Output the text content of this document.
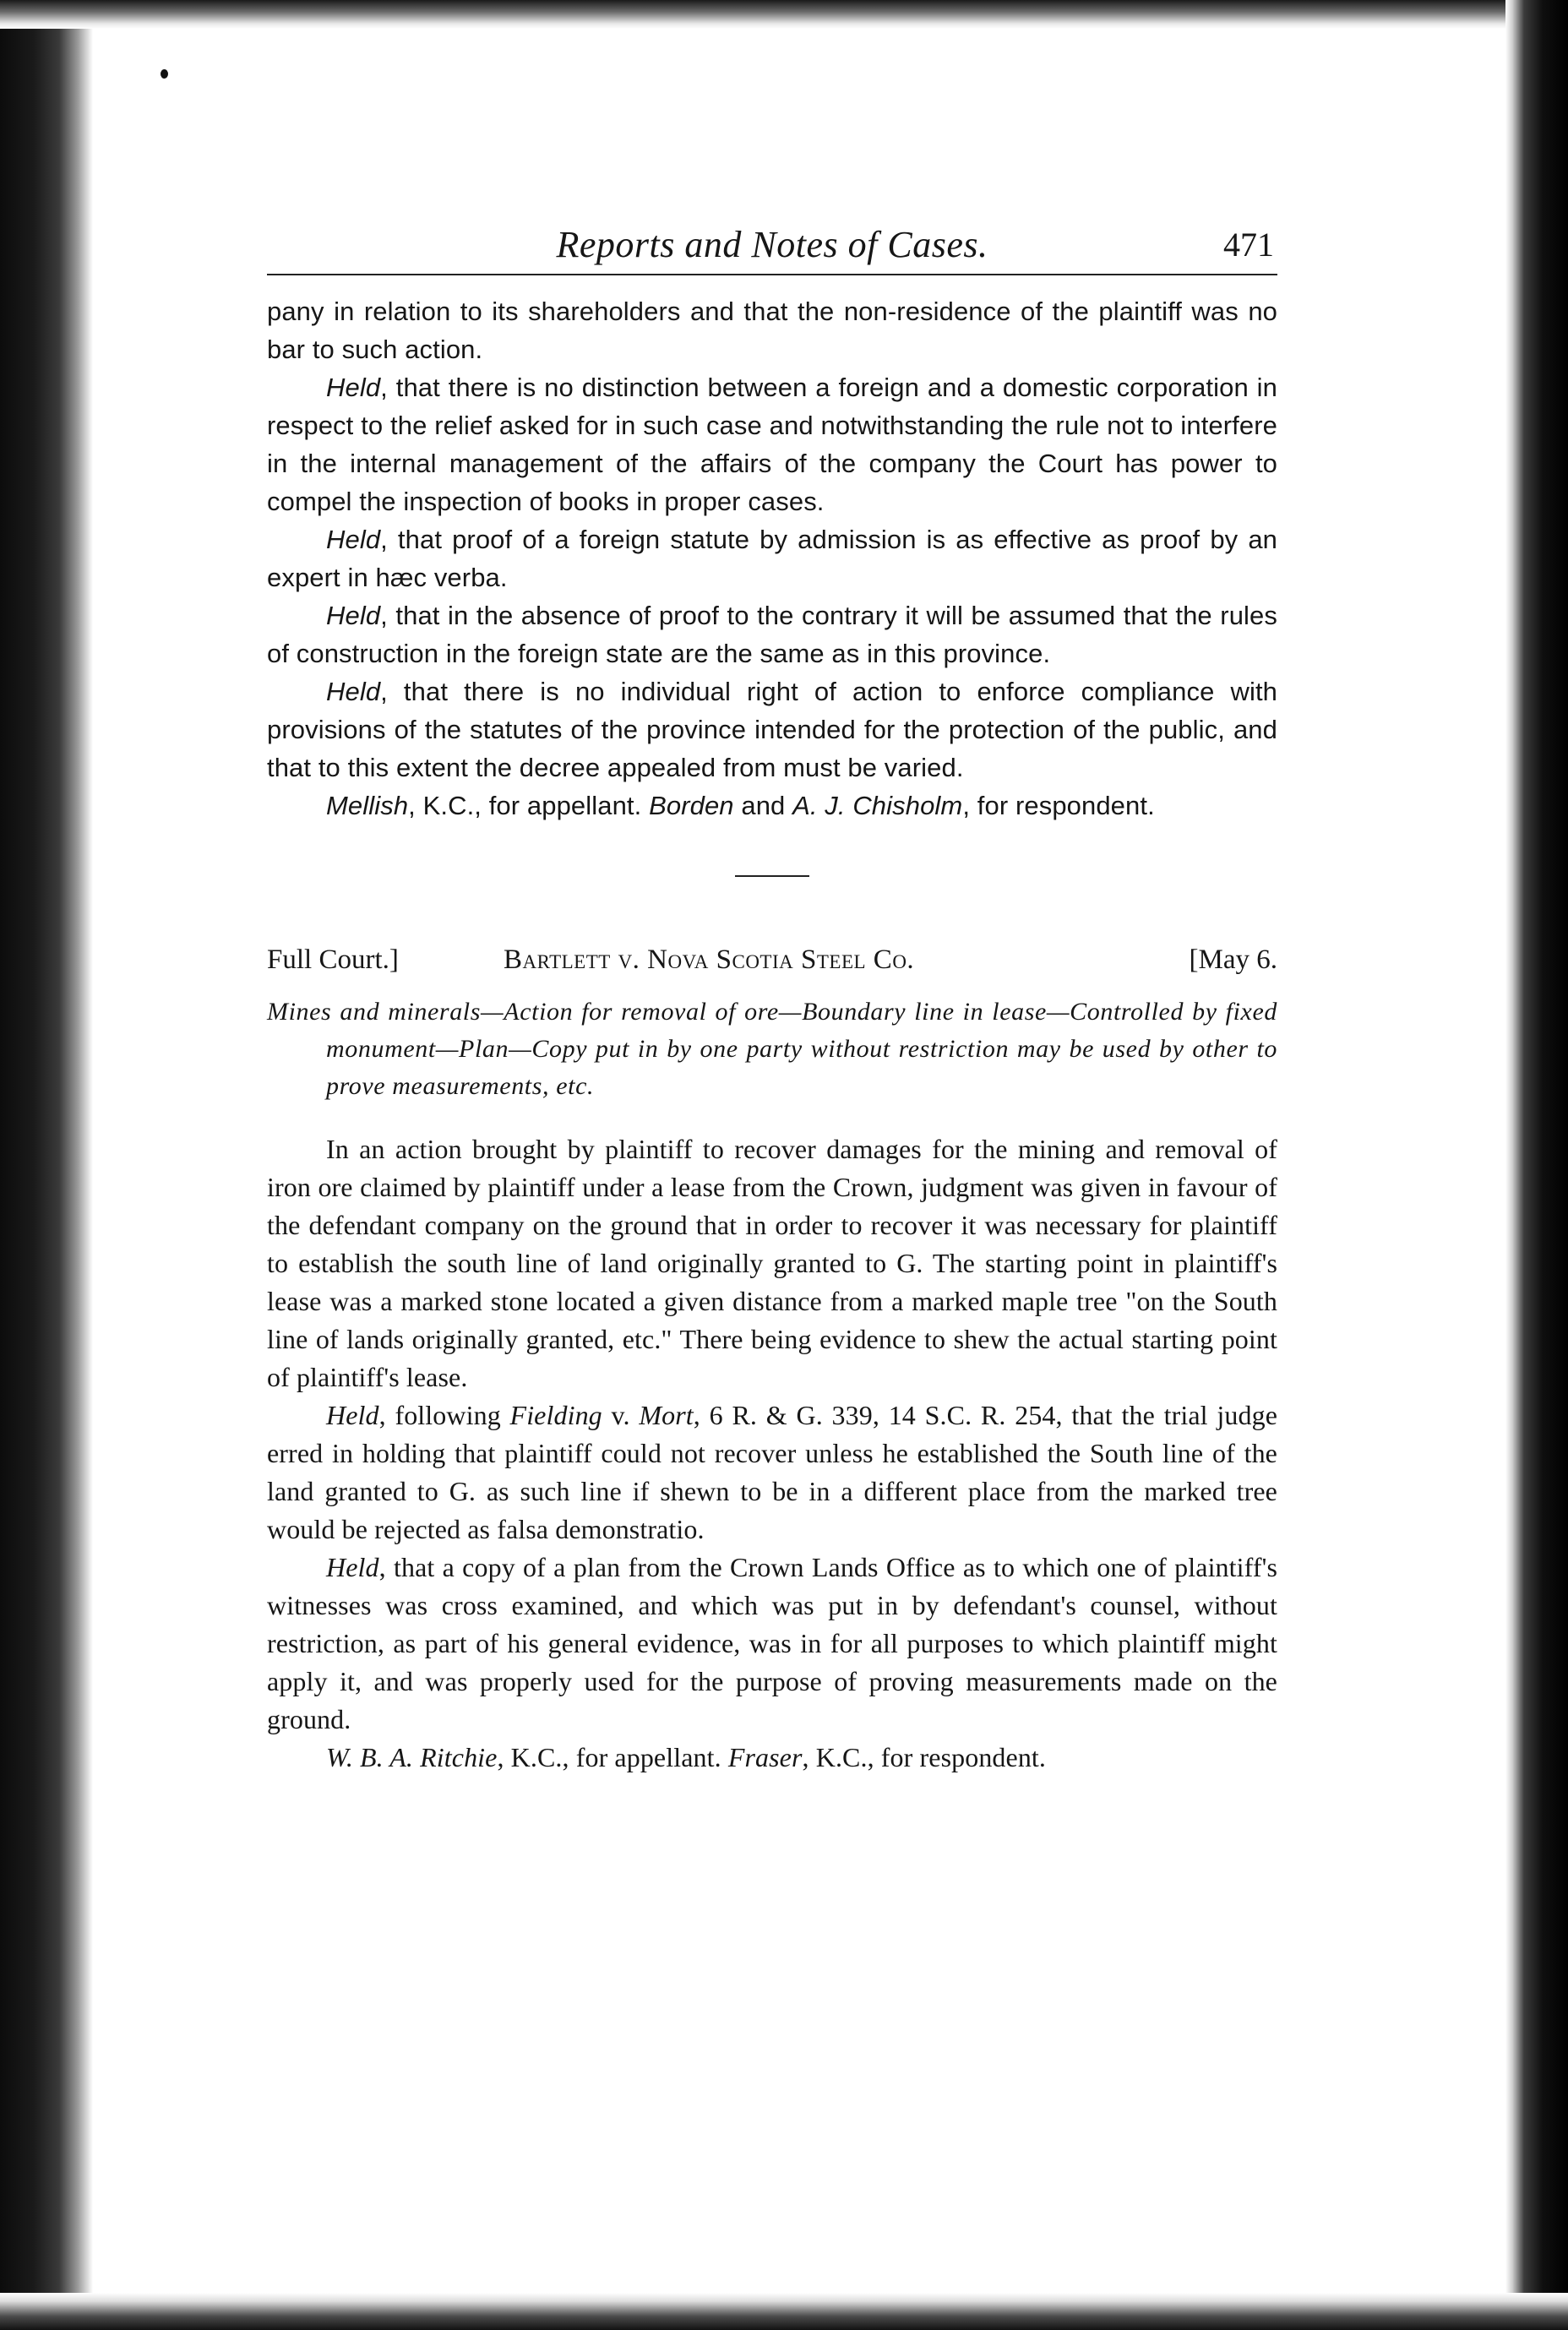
Reports and Notes of Cases.	471

pany in relation to its shareholders and that the non-residence of the plaintiff was no bar to such action.

Held, that there is no distinction between a foreign and a domestic corporation in respect to the relief asked for in such case and notwithstanding the rule not to interfere in the internal management of the affairs of the company the Court has power to compel the inspection of books in proper cases.

Held, that proof of a foreign statute by admission is as effective as proof by an expert in hæc verba.

Held, that in the absence of proof to the contrary it will be assumed that the rules of construction in the foreign state are the same as in this province.

Held, that there is no individual right of action to enforce compliance with provisions of the statutes of the province intended for the protection of the public, and that to this extent the decree appealed from must be varied.

Mellish, K.C., for appellant. Borden and A. J. Chisholm, for respondent.

Full Court.]	Bartlett v. Nova Scotia Steel Co.	[May 6.

Mines and minerals—Action for removal of ore—Boundary line in lease—Controlled by fixed monument—Plan—Copy put in by one party without restriction may be used by other to prove measurements, etc.

In an action brought by plaintiff to recover damages for the mining and removal of iron ore claimed by plaintiff under a lease from the Crown, judgment was given in favour of the defendant company on the ground that in order to recover it was necessary for plaintiff to establish the south line of land originally granted to G. The starting point in plaintiff's lease was a marked stone located a given distance from a marked maple tree "on the South line of lands originally granted, etc." There being evidence to shew the actual starting point of plaintiff's lease.

Held, following Fielding v. Mort, 6 R. & G. 339, 14 S.C. R. 254, that the trial judge erred in holding that plaintiff could not recover unless he established the South line of the land granted to G. as such line if shewn to be in a different place from the marked tree would be rejected as falsa demonstratio.

Held, that a copy of a plan from the Crown Lands Office as to which one of plaintiff's witnesses was cross examined, and which was put in by defendant's counsel, without restriction, as part of his general evidence, was in for all purposes to which plaintiff might apply it, and was properly used for the purpose of proving measurements made on the ground.

W. B. A. Ritchie, K.C., for appellant. Fraser, K.C., for respondent.
